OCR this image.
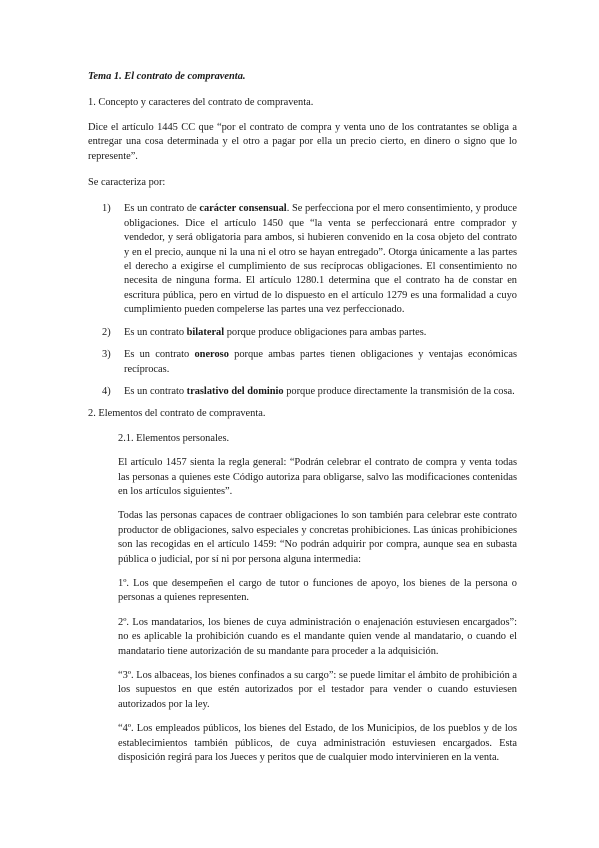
Tema 1. El contrato de compraventa.

1. Concepto y caracteres del contrato de compraventa.

Dice el artículo 1445 CC que “por el contrato de compra y venta uno de los contratantes se obliga a entregar una cosa determinada y el otro a pagar por ella un precio cierto, en dinero o signo que lo represente”.

Se caracteriza por:

1) Es un contrato de carácter consensual. Se perfecciona por el mero consentimiento, y produce obligaciones. Dice el artículo 1450 que “la venta se perfeccionará entre comprador y vendedor, y será obligatoria para ambos, si hubieren convenido en la cosa objeto del contrato y en el precio, aunque ni la una ni el otro se hayan entregado”. Otorga únicamente a las partes el derecho a exigirse el cumplimiento de sus recíprocas obligaciones. El consentimiento no necesita de ninguna forma. El artículo 1280.1 determina que el contrato ha de constar en escritura pública, pero en virtud de lo dispuesto en el artículo 1279 es una formalidad a cuyo cumplimiento pueden compelerse las partes una vez perfeccionado.
2) Es un contrato bilateral porque produce obligaciones para ambas partes.
3) Es un contrato oneroso porque ambas partes tienen obligaciones y ventajas económicas recíprocas.
4) Es un contrato traslativo del dominio porque produce directamente la transmisión de la cosa.

2. Elementos del contrato de compraventa.

2.1. Elementos personales.

El artículo 1457 sienta la regla general: “Podrán celebrar el contrato de compra y venta todas las personas a quienes este Código autoriza para obligarse, salvo las modificaciones contenidas en los artículos siguientes”.

Todas las personas capaces de contraer obligaciones lo son también para celebrar este contrato productor de obligaciones, salvo especiales y concretas prohibiciones. Las únicas prohibiciones son las recogidas en el artículo 1459: “No podrán adquirir por compra, aunque sea en subasta pública o judicial, por sí ni por persona alguna intermedia:

1º. Los que desempeñen el cargo de tutor o funciones de apoyo, los bienes de la persona o personas a quienes representen.

2º. Los mandatarios, los bienes de cuya administración o enajenación estuviesen encargados”: no es aplicable la prohibición cuando es el mandante quien vende al mandatario, o cuando el mandatario tiene autorización de su mandante para proceder a la adquisición.

“3º. Los albaceas, los bienes confinados a su cargo”: se puede limitar el ámbito de prohibición a los supuestos en que estén autorizados por el testador para vender o cuando estuviesen autorizados por la ley.

“4º. Los empleados públicos, los bienes del Estado, de los Municipios, de los pueblos y de los establecimientos también públicos, de cuya administración estuviesen encargados. Esta disposición regirá para los Jueces y peritos que de cualquier modo intervinieren en la venta.
